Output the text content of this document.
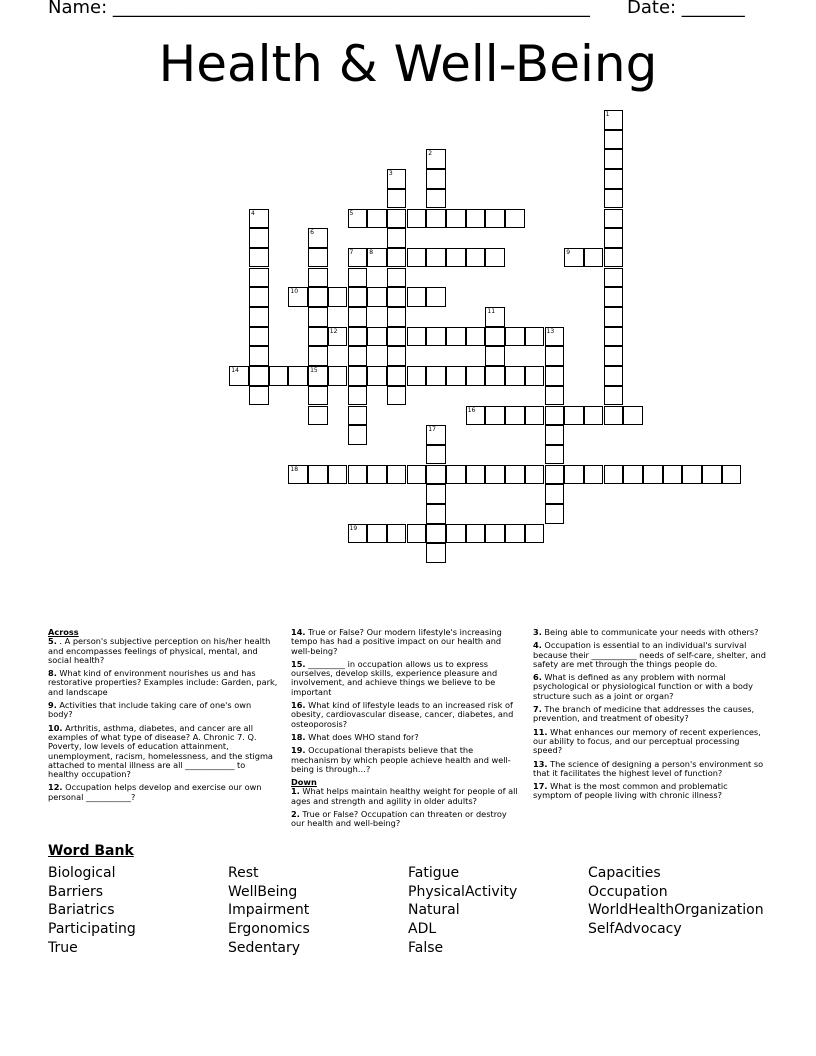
Name: _____________________________________________________ Date: _______
Health & Well-Being
1
2
3
4	5
6
7	8	9
10
11
12	13
14	15
16
17
18
19
Across
5. . A person's subjective perception on his/her health and encompasses feelings of physical, mental, and social health?
8. What kind of environment nourishes us and has restorative properties? Examples include: Garden, park, and landscape
9. Activities that include taking care of one's own body?
10. Arthritis, asthma, diabetes, and cancer are all examples of what type of disease? A. Chronic 7. Q. Poverty, low levels of education attainment, unemployment, racism, homelessness, and the stigma attached to mental illness are all ____________ to healthy occupation?
12. Occupation helps develop and exercise our own personal ___________?
14. True or False? Our modern lifestyle's increasing tempo has had a positive impact on our health and well-being?
15. _________ in occupation allows us to express ourselves, develop skills, experience pleasure and involvement, and achieve things we believe to be important
16. What kind of lifestyle leads to an increased risk of obesity, cardiovascular disease, cancer, diabetes, and osteoporosis?
18. What does WHO stand for?
19. Occupational therapists believe that the mechanism by which people achieve health and well-being is through…?
Down
1. What helps maintain healthy weight for people of all ages and strength and agility in older adults?
2. True or False? Occupation can threaten or destroy our health and well-being?
3. Being able to communicate your needs with others?
4. Occupation is essential to an individual's survival because their ___________ needs of self-care, shelter, and safety are met through the things people do.
6. What is defined as any problem with normal psychological or physiological function or with a body structure such as a joint or organ?
7. The branch of medicine that addresses the causes, prevention, and treatment of obesity?
11. What enhances our memory of recent experiences, our ability to focus, and our perceptual processing speed?
13. The science of designing a person's environment so that it facilitates the highest level of function?
17. What is the most common and problematic symptom of people living with chronic illness?
Word Bank
Biological
Barriers
Bariatrics
Participating
True
Rest
WellBeing
Impairment
Ergonomics
Sedentary
Fatigue
PhysicalActivity
Natural
ADL
False
Capacities
Occupation
WorldHealthOrganization
SelfAdvocacy
